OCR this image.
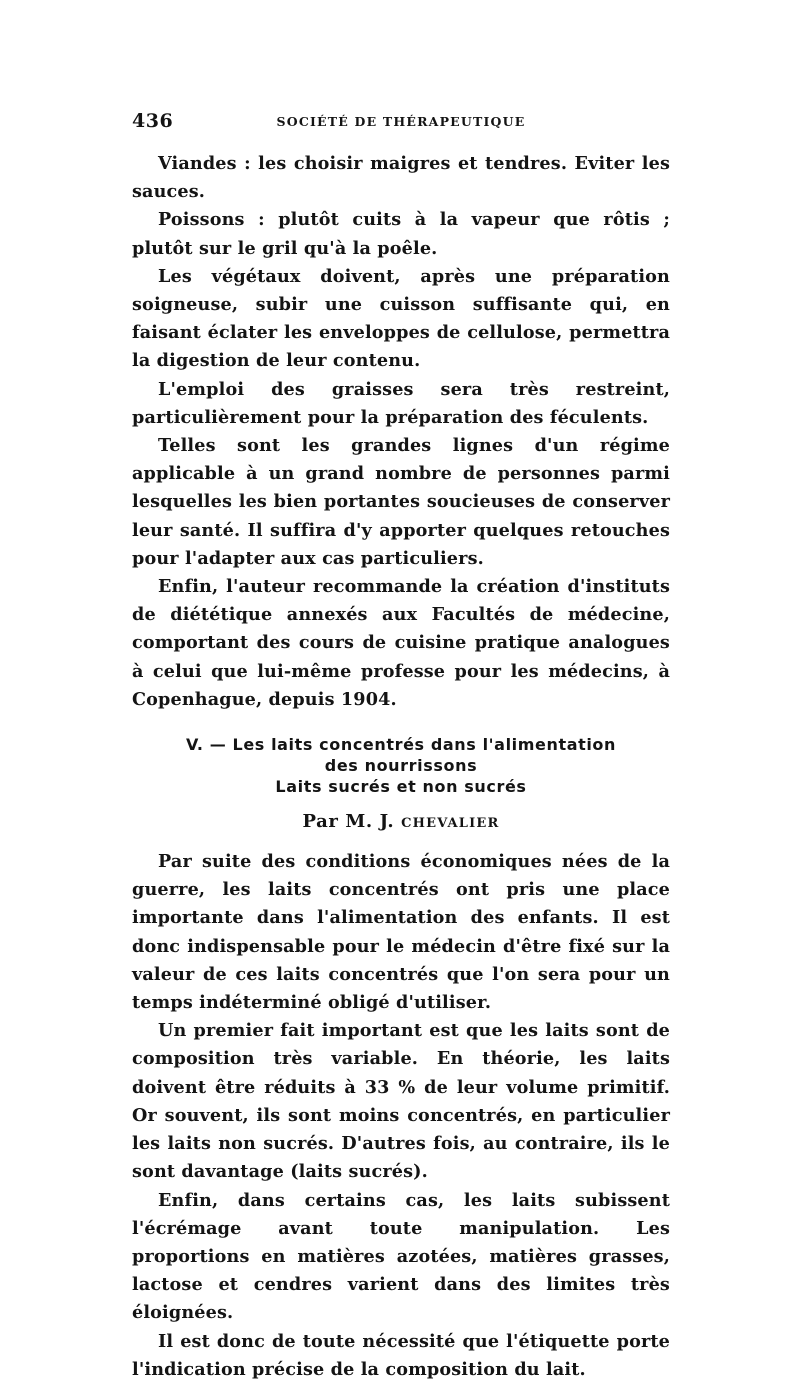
436	SOCIÉTÉ DE THÉRAPEUTIQUE

Viandes : les choisir maigres et tendres. Eviter les sauces.

Poissons : plutôt cuits à la vapeur que rôtis ; plutôt sur le gril qu'à la poêle.

Les végétaux doivent, après une préparation soigneuse, subir une cuisson suffisante qui, en faisant éclater les enveloppes de cellulose, permettra la digestion de leur contenu.

L'emploi des graisses sera très restreint, particulièrement pour la préparation des féculents.

Telles sont les grandes lignes d'un régime applicable à un grand nombre de personnes parmi lesquelles les bien portantes soucieuses de conserver leur santé. Il suffira d'y apporter quelques retouches pour l'adapter aux cas particuliers.

Enfin, l'auteur recommande la création d'instituts de diététique annexés aux Facultés de médecine, comportant des cours de cuisine pratique analogues à celui que lui-même professe pour les médecins, à Copenhague, depuis 1904.

V. — Les laits concentrés dans l'alimentation
des nourrissons
Laits sucrés et non sucrés
Par M. J. CHEVALIER

Par suite des conditions économiques nées de la guerre, les laits concentrés ont pris une place importante dans l'alimentation des enfants. Il est donc indispensable pour le médecin d'être fixé sur la valeur de ces laits concentrés que l'on sera pour un temps indéterminé obligé d'utiliser.

Un premier fait important est que les laits sont de composition très variable. En théorie, les laits doivent être réduits à 33 % de leur volume primitif. Or souvent, ils sont moins concentrés, en particulier les laits non sucrés. D'autres fois, au contraire, ils le sont davantage (laits sucrés).

Enfin, dans certains cas, les laits subissent l'écrémage avant toute manipulation. Les proportions en matières azotées, matières grasses, lactose et cendres varient dans des limites très éloignées.

Il est donc de toute nécessité que l'étiquette porte l'indication précise de la composition du lait.
